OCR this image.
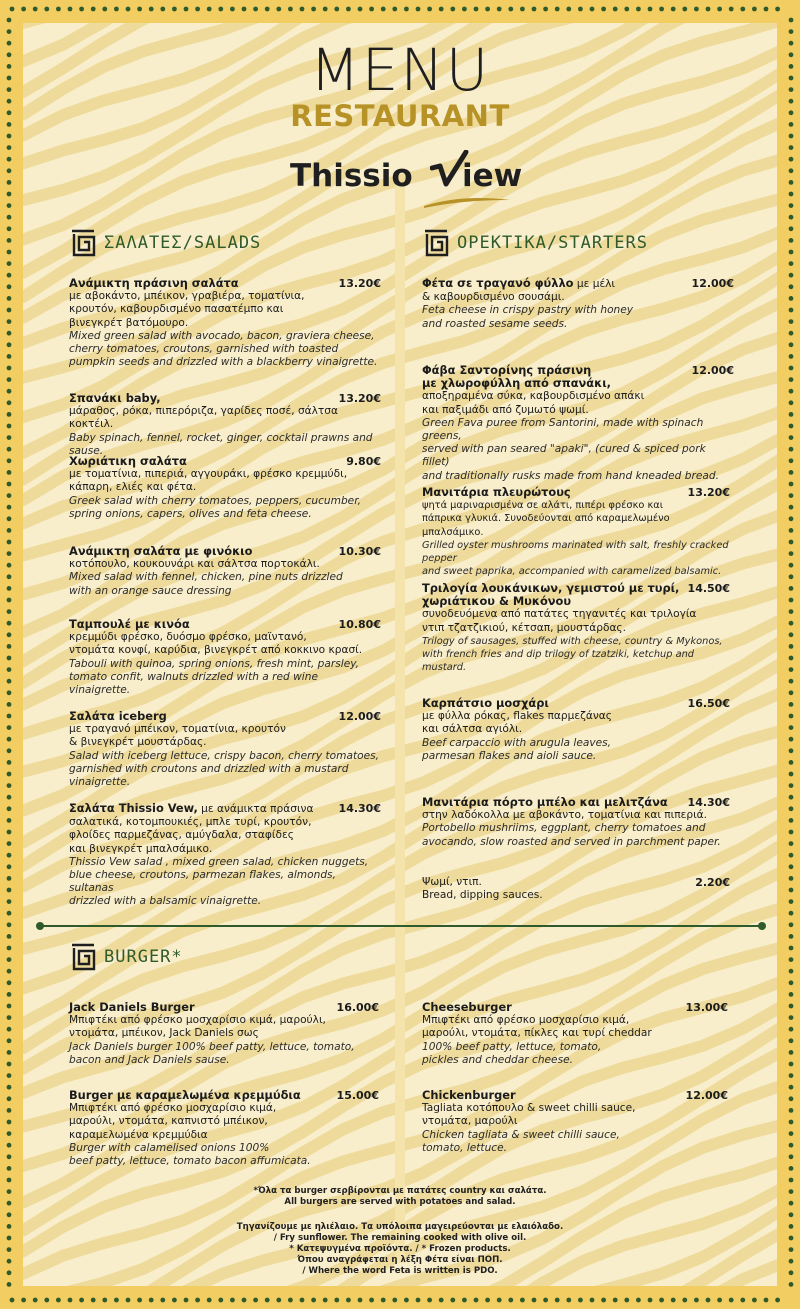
MENU
RESTAURANT
Thissio iew
ΣΑΛΑΤΕΣ/SALADS	ΟΡΕΚΤΙΚΑ/STARTERS
BURGER*
Ανάμικτη πράσινη σαλάτα	13.20€
με αβοκάντο, μπέικον, γραβιέρα, τοματίνια,
κρουτόν, καβουρδισμένο πασατέμπο και
βινεγκρέτ βατόμουρο.
Mixed green salad with avocado, bacon, graviera cheese,
cherry tomatoes, croutons, garnished with toasted
pumpkin seeds and drizzled with a blackberry vinaigrette.
Σπανάκι baby,	13.20€
μάραθος, ρόκα, πιπερόριζα, γαρίδες ποσέ, σάλτσα κοκτέιλ.
Baby spinach, fennel, rocket, ginger, cocktail prawns and sause.
Χωριάτικη σαλάτα	9.80€
με τοματίνια, πιπεριά, αγγουράκι, φρέσκο κρεμμύδι,
κάπαρη, ελιές και φέτα.
Greek salad with cherry tomatoes, peppers, cucumber,
spring onions, capers, olives and feta cheese.
Ανάμικτη σαλάτα με φινόκιο	10.30€
κοτόπουλο, κουκουνάρι και σάλτσα πορτοκάλι.
Mixed salad with fennel, chicken, pine nuts drizzled
with an orange sauce dressing
Ταμπουλέ με κινόα	10.80€
κρεμμύδι φρέσκο, δυόσμο φρέσκο, μαϊντανό,
ντομάτα κονφί, καρύδια, βινεγκρέτ από κοκκινο κρασί.
Tabouli with quinoa, spring onions, fresh mint, parsley,
tomato confit, walnuts drizzled with a red wine vinaigrette.
Σαλάτα iceberg	12.00€
με τραγανό μπέικον, τοματίνια, κρουτόν
& βινεγκρέτ μουστάρδας.
Salad with iceberg lettuce, crispy bacon, cherry tomatoes,
garnished with croutons and drizzled with a mustard vinaigrette.
Σαλάτα Thissio Vew, με ανάμικτα πράσινα	14.30€
σαλατικά, κοτομπουκιές, μπλε τυρί, κρουτόν,
φλοίδες παρμεζάνας, αμύγδαλα, σταφίδες
και βινεγκρέτ μπαλσάμικο.
Thissio Vew salad , mixed green salad, chicken nuggets,
blue cheese, croutons, parmezan flakes, almonds, sultanas
drizzled with a balsamic vinaigrette.
Φέτα σε τραγανό φύλλο με μέλι	12.00€
& καβουρδισμένο σουσάμι.
Feta cheese in crispy pastry with honey
and roasted sesame seeds.
Φάβα Σαντορίνης πράσινη
με χλωροφύλλη από σπανάκι,
12.00€
αποξηραμένα σύκα, καβουρδισμένο απάκι
και παξιμάδι από ζυμωτό ψωμί.
Green Fava puree from Santorini, made with spinach greens,
served with pan seared "apaki", (cured & spiced pork fillet)
and traditionally rusks made from hand kneaded bread.
Μανιτάρια πλευρώτους	13.20€
ψητά μαριναρισμένα σε αλάτι, πιπέρι φρέσκο και
πάπρικα γλυκιά. Συνοδεύονται από καραμελωμένο μπαλσάμικο.
Grilled oyster mushrooms marinated with salt, freshly cracked pepper
and sweet paprika, accompanied with caramelized balsamic.
Τριλογία λουκάνικων, γεμιστού με τυρί,
χωριάτικου & Μυκόνου
14.50€
συνοδευόμενα από πατάτες τηγανιτές και τριλογία
ντιπ τζατζικιού, κέτσαπ, μουστάρδας.
Trilogy of sausages, stuffed with cheese, country & Mykonos,
with french fries and dip trilogy of tzatziki, ketchup and mustard.
Καρπάτσιο μοσχάρι	16.50€
με φύλλα ρόκας, flakes παρμεζάνας
και σάλτσα αγιόλι.
Beef carpaccio with arugula leaves,
parmesan flakes and aioli sauce.
Μανιτάρια πόρτο μπέλο και μελιτζάνα	14.30€
στην λαδόκολλα με αβοκάντο, τοματίνια και πιπεριά.
Portobello mushriims, eggplant, cherry tomatoes and
avocando, slow roasted and served in parchment paper.
2.20€
Ψωμί, ντιπ.
Bread, dipping sauces.
Jack Daniels Burger	16.00€
Μπιφτέκι από φρέσκο μοσχαρίσιο κιμά, μαρούλι,
ντομάτα, μπέικον, Jack Daniels σως
Jack Daniels burger 100% beef patty, lettuce, tomato,
bacon and Jack Daniels sause.
Burger με καραμελωμένα κρεμμύδια	15.00€
Μπιφτέκι από φρέσκο μοσχαρίσιο κιμά,
μαρούλι, ντομάτα, καπνιστό μπέικον,
καραμελωμένα κρεμμύδια
Burger with calamelised onions 100%
beef patty, lettuce, tomato bacon affumicata.
Cheeseburger	13.00€
Μπιφτέκι από φρέσκο μοσχαρίσιο κιμά,
μαρούλι, ντομάτα, πίκλες και τυρί cheddar
100% beef patty, lettuce, tomato,
pickles and cheddar cheese.
Chickenburger	12.00€
Tagliata κοτόπουλο & sweet chilli sauce,
ντομάτα, μαρούλι
Chicken tagliata & sweet chilli sauce,
tomato, lettuce.
*Όλα τα burger σερβίρονται με πατάτες country και σαλάτα.
All burgers are served with potatoes and salad.
Τηγανίζουμε με ηλιέλαιο. Τα υπόλοιπα μαγειρεύονται με ελαιόλαδο.
/ Fry sunflower. The remaining cooked with olive oil.
* Κατεψυγμένα προϊόντα. / * Frozen products.
Όπου αναγράφεται η λέξη Φέτα είναι ΠΟΠ.
/ Where the word Feta is written is PDO.
